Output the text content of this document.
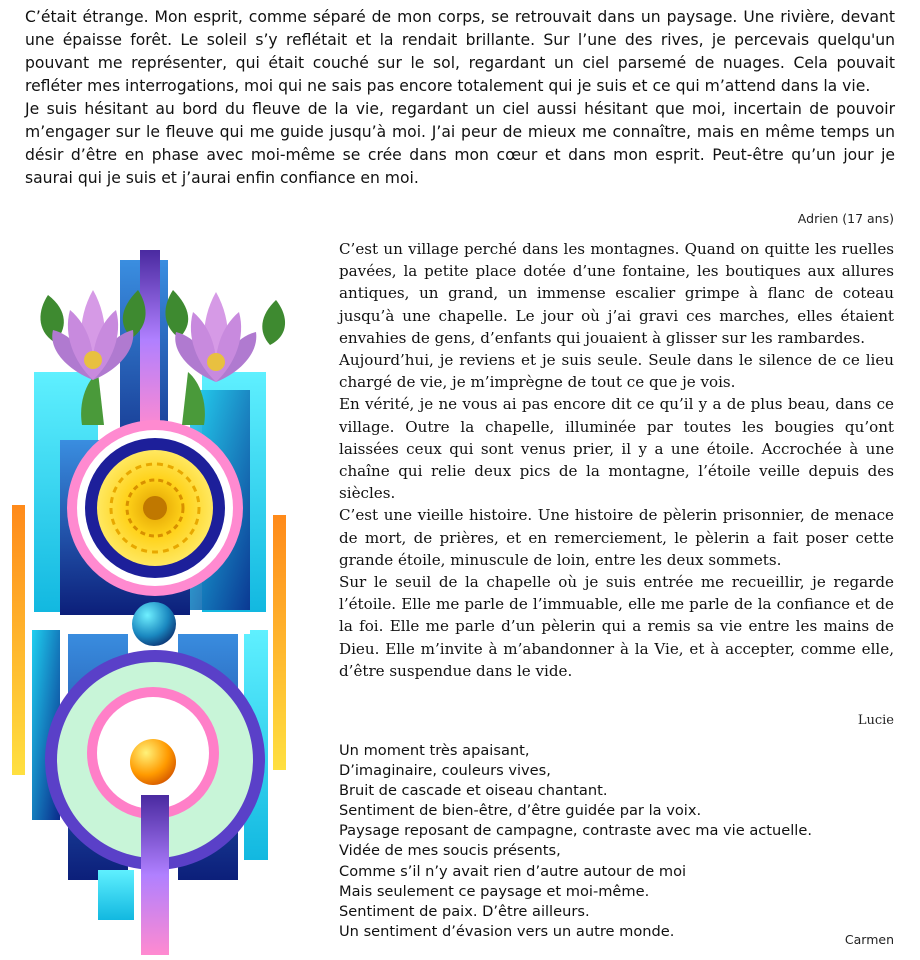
C’était étrange. Mon esprit, comme séparé de mon corps, se retrouvait dans un paysage. Une rivière, devant une épaisse forêt. Le soleil s’y reflétait et la rendait brillante. Sur l’une des rives, je percevais quelqu'un pouvant me représenter, qui était couché sur le sol, regardant un ciel parsemé de nuages. Cela pouvait refléter mes interrogations, moi qui ne sais pas encore totalement qui je suis et ce qui m’attend dans la vie.

Je suis hésitant au bord du fleuve de la vie, regardant un ciel aussi hésitant que moi, incertain de pouvoir m’engager sur le fleuve qui me guide jusqu’à moi. J’ai peur de mieux me connaître, mais en même temps un désir d’être en phase avec moi-même se crée dans mon cœur et dans mon esprit. Peut-être qu’un jour je saurai qui je suis et j’aurai enfin confiance en moi.

Adrien (17 ans)

C’est un village perché dans les montagnes. Quand on quitte les ruelles pavées, la petite place dotée d’une fontaine, les boutiques aux allures antiques, un grand, un immense escalier grimpe à flanc de coteau jusqu’à une chapelle. Le jour où j’ai gravi ces marches, elles étaient envahies de gens, d’enfants qui jouaient à glisser sur les rambardes.

Aujourd’hui, je reviens et je suis seule. Seule dans le silence de ce lieu chargé de vie, je m’imprègne de tout ce que je vois.

En vérité, je ne vous ai pas encore dit ce qu’il y a de plus beau, dans ce village. Outre la chapelle, illuminée par toutes les bougies qu’ont laissées ceux qui sont venus prier, il y a une étoile. Accrochée à une chaîne qui relie deux pics de la montagne, l’étoile veille depuis des siècles.

C’est une vieille histoire. Une histoire de pèlerin prisonnier, de menace de mort, de prières, et en remerciement, le pèlerin a fait poser cette grande étoile, minuscule de loin, entre les deux sommets.

Sur le seuil de la chapelle où je suis entrée me recueillir, je regarde l’étoile. Elle me parle de l’immuable, elle me parle de la confiance et de la foi. Elle me parle d’un pèlerin qui a remis sa vie entre les mains de Dieu. Elle m’invite à m’abandonner à la Vie, et à accepter, comme elle, d’être suspendue dans le vide.

Lucie
Un moment très apaisant,
D’imaginaire, couleurs vives,
Bruit de cascade et oiseau chantant.
Sentiment de bien-être, d’être guidée par la voix.
Paysage reposant de campagne, contraste avec ma vie actuelle.
Vidée de mes soucis présents,
Comme s’il n’y avait rien d’autre autour de moi
Mais seulement ce paysage et moi-même.
Sentiment de paix. D’être ailleurs.
Un sentiment d’évasion vers un autre monde.	Carmen
